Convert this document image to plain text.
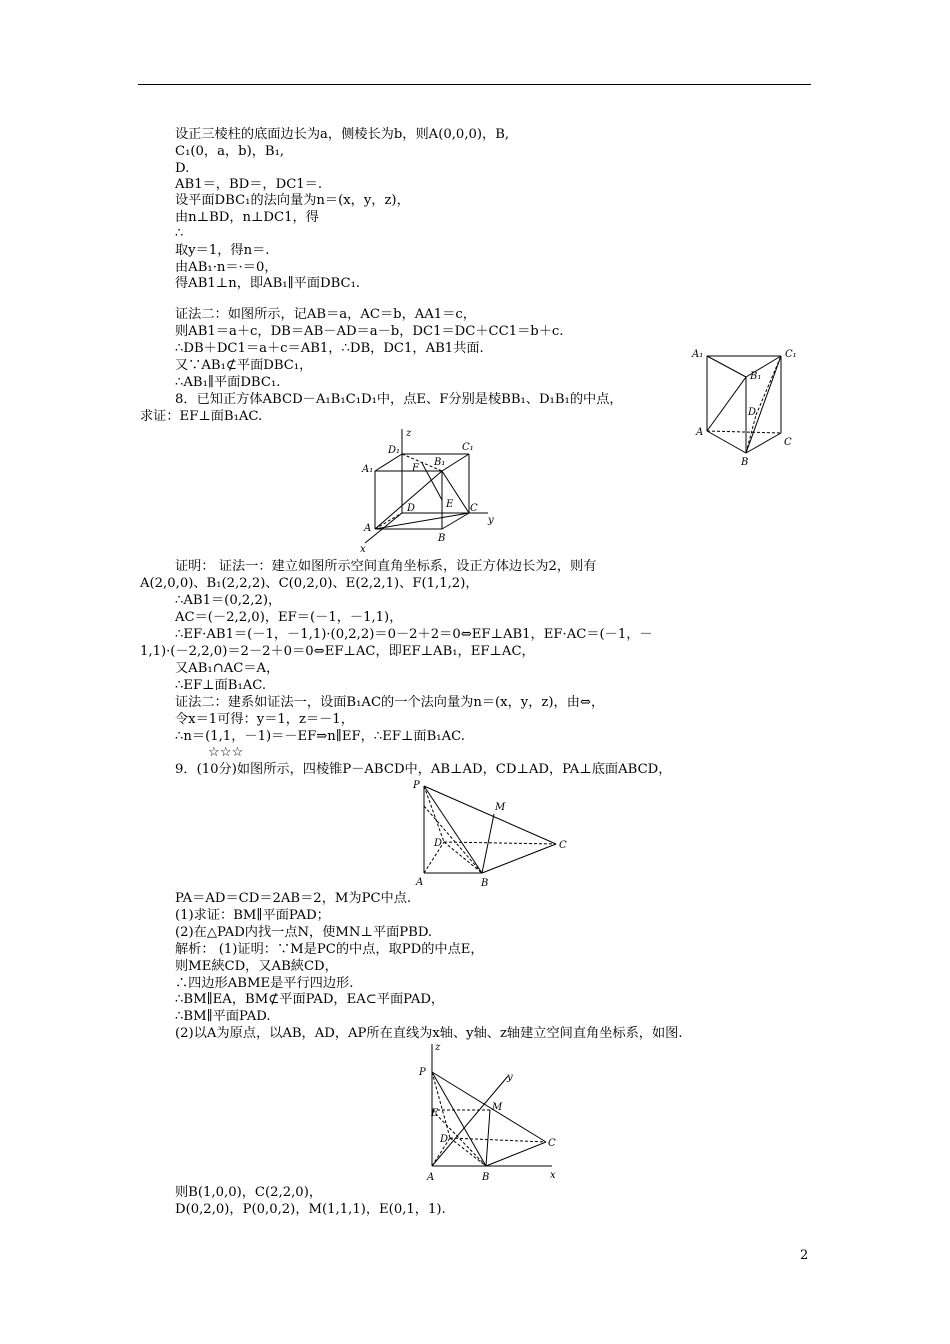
设正三棱柱的底面边长为a，侧棱长为b，则A(0,0,0)，B,
C₁(0，a，b)，B₁,
D.
AB1＝，BD＝，DC1＝.
设平面DBC₁的法向量为n＝(x，y，z)，
由n⊥BD，n⊥DC1，得
∴
取y＝1，得n＝.
由AB₁·n＝·＝0，
得AB1⊥n，即AB₁∥平面DBC₁.
证法二：如图所示，记AB＝a，AC＝b，AA1＝c，
则AB1＝a＋c，DB＝AB－AD＝a－b，DC1＝DC＋CC1＝b＋c.
∴DB＋DC1＝a＋c＝AB1，∴DB，DC1，AB1共面.
又∵AB₁⊄平面DBC₁，
∴AB₁∥平面DBC₁.
8．已知正方体ABCD－A₁B₁C₁D₁中，点E、F分别是棱BB₁、D₁B₁的中点，
求证：EF⊥面B₁AC.
证明： 证法一：建立如图所示空间直角坐标系，设正方体边长为2，则有
A(2,0,0)、B₁(2,2,2)、C(0,2,0)、E(2,2,1)、F(1,1,2)，
∴AB1＝(0,2,2)，
AC＝(－2,2,0)，EF＝(－1，－1,1)，
∴EF·AB1＝(－1，－1,1)·(0,2,2)＝0－2＋2＝0⇔EF⊥AB1，EF·AC＝(－1，－
1,1)·(－2,2,0)＝2－2＋0＝0⇔EF⊥AC，即EF⊥AB₁，EF⊥AC，
又AB₁∩AC＝A，
∴EF⊥面B₁AC.
证法二：建系如证法一，设面B₁AC的一个法向量为n＝(x，y，z)，由⇔，
令x＝1可得：y＝1，z＝－1，
∴n＝(1,1，－1)＝－EF⇒n∥EF，∴EF⊥面B₁AC.
☆☆☆
9．(10分)如图所示，四棱锥P－ABCD中，AB⊥AD，CD⊥AD，PA⊥底面ABCD，
PA＝AD＝CD＝2AB＝2，M为PC中点.
(1)求证：BM∥平面PAD；
(2)在△PAD内找一点N，使MN⊥平面PBD.
解析： (1)证明：∵M是PC的中点，取PD的中点E，
则ME綊CD，又AB綊CD，
∴四边形ABME是平行四边形.
∴BM∥EA，BM⊄平面PAD，EA⊂平面PAD，
∴BM∥平面PAD.
(2)以A为原点，以AB，AD，AP所在直线为x轴、y轴、z轴建立空间直角坐标系，如图.
则B(1,0,0)，C(2,2,0)，
D(0,2,0)，P(0,0,2)，M(1,1,1)，E(0,1，1).
A₁	C₁
B₁
D
A
B
C
z
D₁	C₁
A₁	F
B₁
E
D	C
y
A
B
x
P
M
D	C
A	B
z
P	y
M
E
D	C
A	B	x
2
